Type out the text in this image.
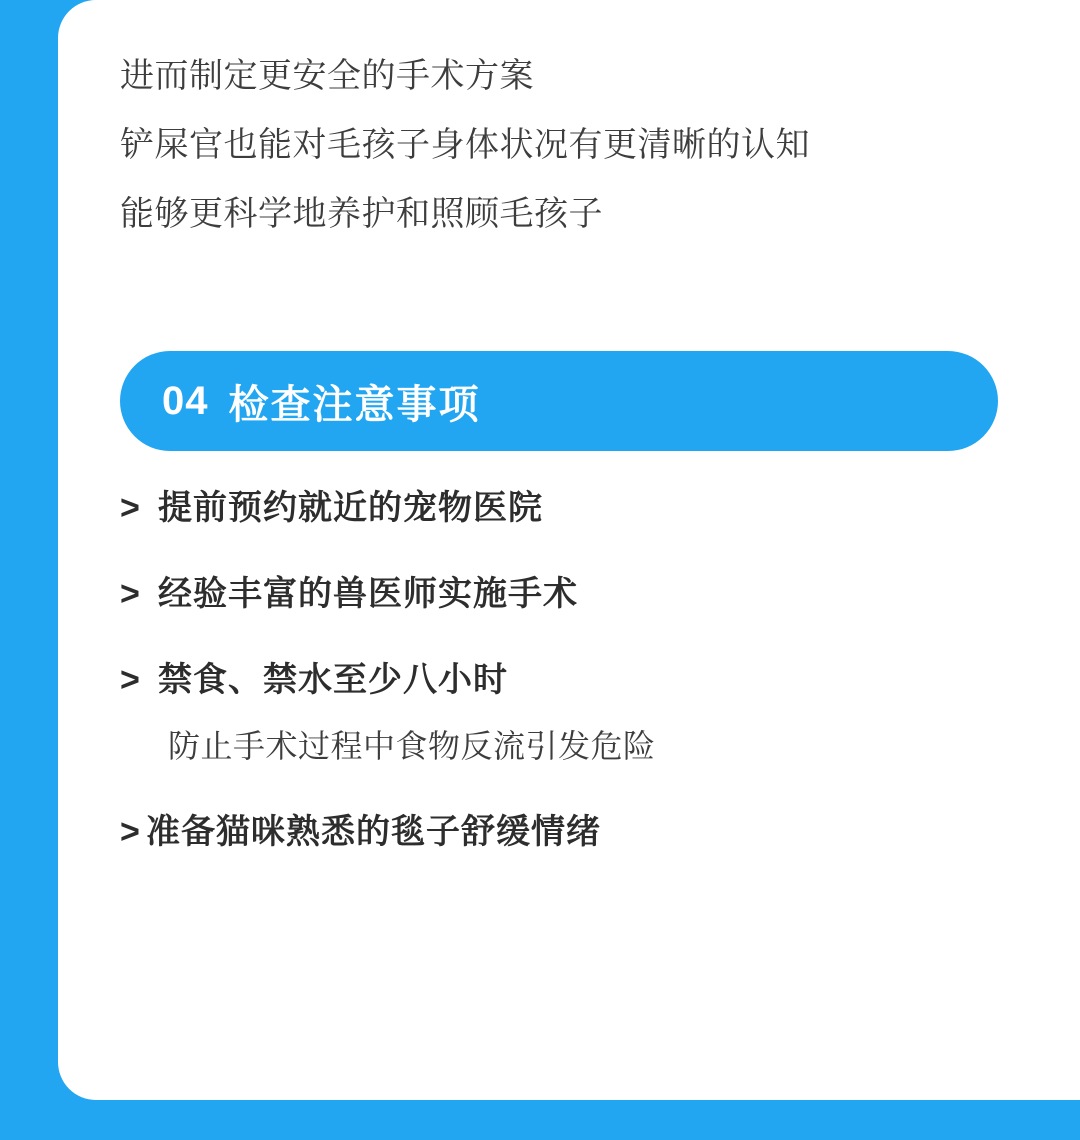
进而制定更安全的手术方案
铲屎官也能对毛孩子身体状况有更清晰的认知
能够更科学地养护和照顾毛孩子
04 检查注意事项
> 提前预约就近的宠物医院
> 经验丰富的兽医师实施手术
> 禁食、禁水至少八小时
防止手术过程中食物反流引发危险
> 准备猫咪熟悉的毯子舒缓情绪
